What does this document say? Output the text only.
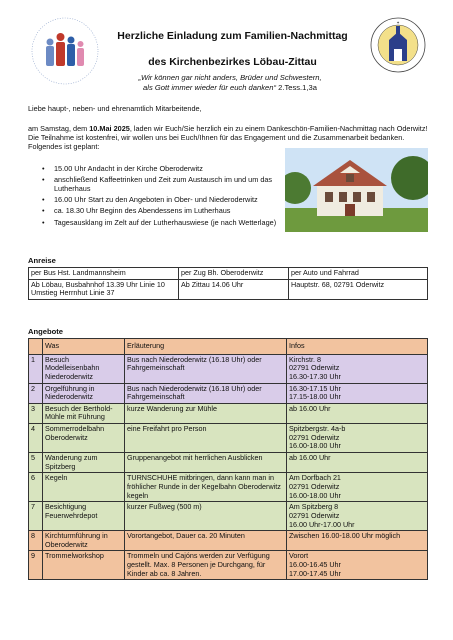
✦
Herzliche Einladung zum Familien-Nachmittag
des Kirchenbezirkes Löbau-Zittau
„Wir können gar nicht anders, Brüder und Schwestern,
als Gott immer wieder für euch danken“ 2.Tess.1,3a
Liebe haupt-, neben- und ehrenamtlich Mitarbeitende,
am Samstag, dem 10.Mai 2025, laden wir Euch/Sie herzlich ein zu einem Dankeschön-Familien-Nachmittag nach Oderwitz! Die Teilnahme ist kostenfrei, wir wollen uns bei Euch/Ihnen für das Engagement und die Zusammenarbeit bedanken.
Folgendes ist geplant:
• 15.00 Uhr Andacht in der Kirche Oberoderwitz
• anschließend Kaffeetrinken und Zeit zum Austausch im und um das Lutherhaus
• 16.00 Uhr Start zu den Angeboten in Ober- und Niederoderwitz
• ca. 18.30 Uhr Beginn des Abendessens im Lutherhaus
• Tagesausklang im Zelt auf der Lutherhauswiese (je nach Wetterlage)
Anreise
per Bus Hst. Landmannsheim	per Zug Bh. Oberoderwitz	per Auto und Fahrrad
Ab Löbau, Busbahnhof 13.39 Uhr Linie 10
Umstieg Herrnhut Linie 37	Ab Zittau 14.06 Uhr	Hauptstr. 68, 02791 Oderwitz
Angebote
	Was	Erläuterung	Infos
1	Besuch Modelleisenbahn Niederoderwitz	Bus nach Niederoderwitz (16.18 Uhr) oder Fahrgemeinschaft	Kirchstr. 8
02791 Oderwitz
16.30-17.30 Uhr
2	Orgelführung in Niederoderwitz	Bus nach Niederoderwitz (16.18 Uhr) oder Fahrgemeinschaft	16.30-17.15 Uhr
17.15-18.00 Uhr
3	Besuch der Berthold-Mühle mit Führung	kurze Wanderung zur Mühle	ab 16.00 Uhr
4	Sommerrodelbahn Oberoderwitz	eine Freifahrt pro Person	Spitzbergstr. 4a-b
02791 Oderwitz
16.00-18.00 Uhr
5	Wanderung zum Spitzberg	Gruppenangebot mit herrlichen Ausblicken	ab 16.00 Uhr
6	Kegeln	TURNSCHUHE mitbringen, dann kann man in fröhlicher Runde in der Kegelbahn Oberoderwitz kegeln	Am Dorfbach 21
02791 Oderwitz
16.00-18.00 Uhr
7	Besichtigung Feuerwehrdepot	kurzer Fußweg (500 m)	Am Spitzberg 8
02791 Oderwitz
16.00 Uhr-17.00 Uhr
8	Kirchturmführung in Oberoderwitz	Vorortangebot, Dauer ca. 20 Minuten	Zwischen 16.00-18.00 Uhr möglich
9	Trommelworkshop	Trommeln und Cajóns werden zur Verfügung gestellt. Max. 8 Personen je Durchgang, für Kinder ab ca. 8 Jahren.	Vorort
16.00-16.45 Uhr
17.00-17.45 Uhr
